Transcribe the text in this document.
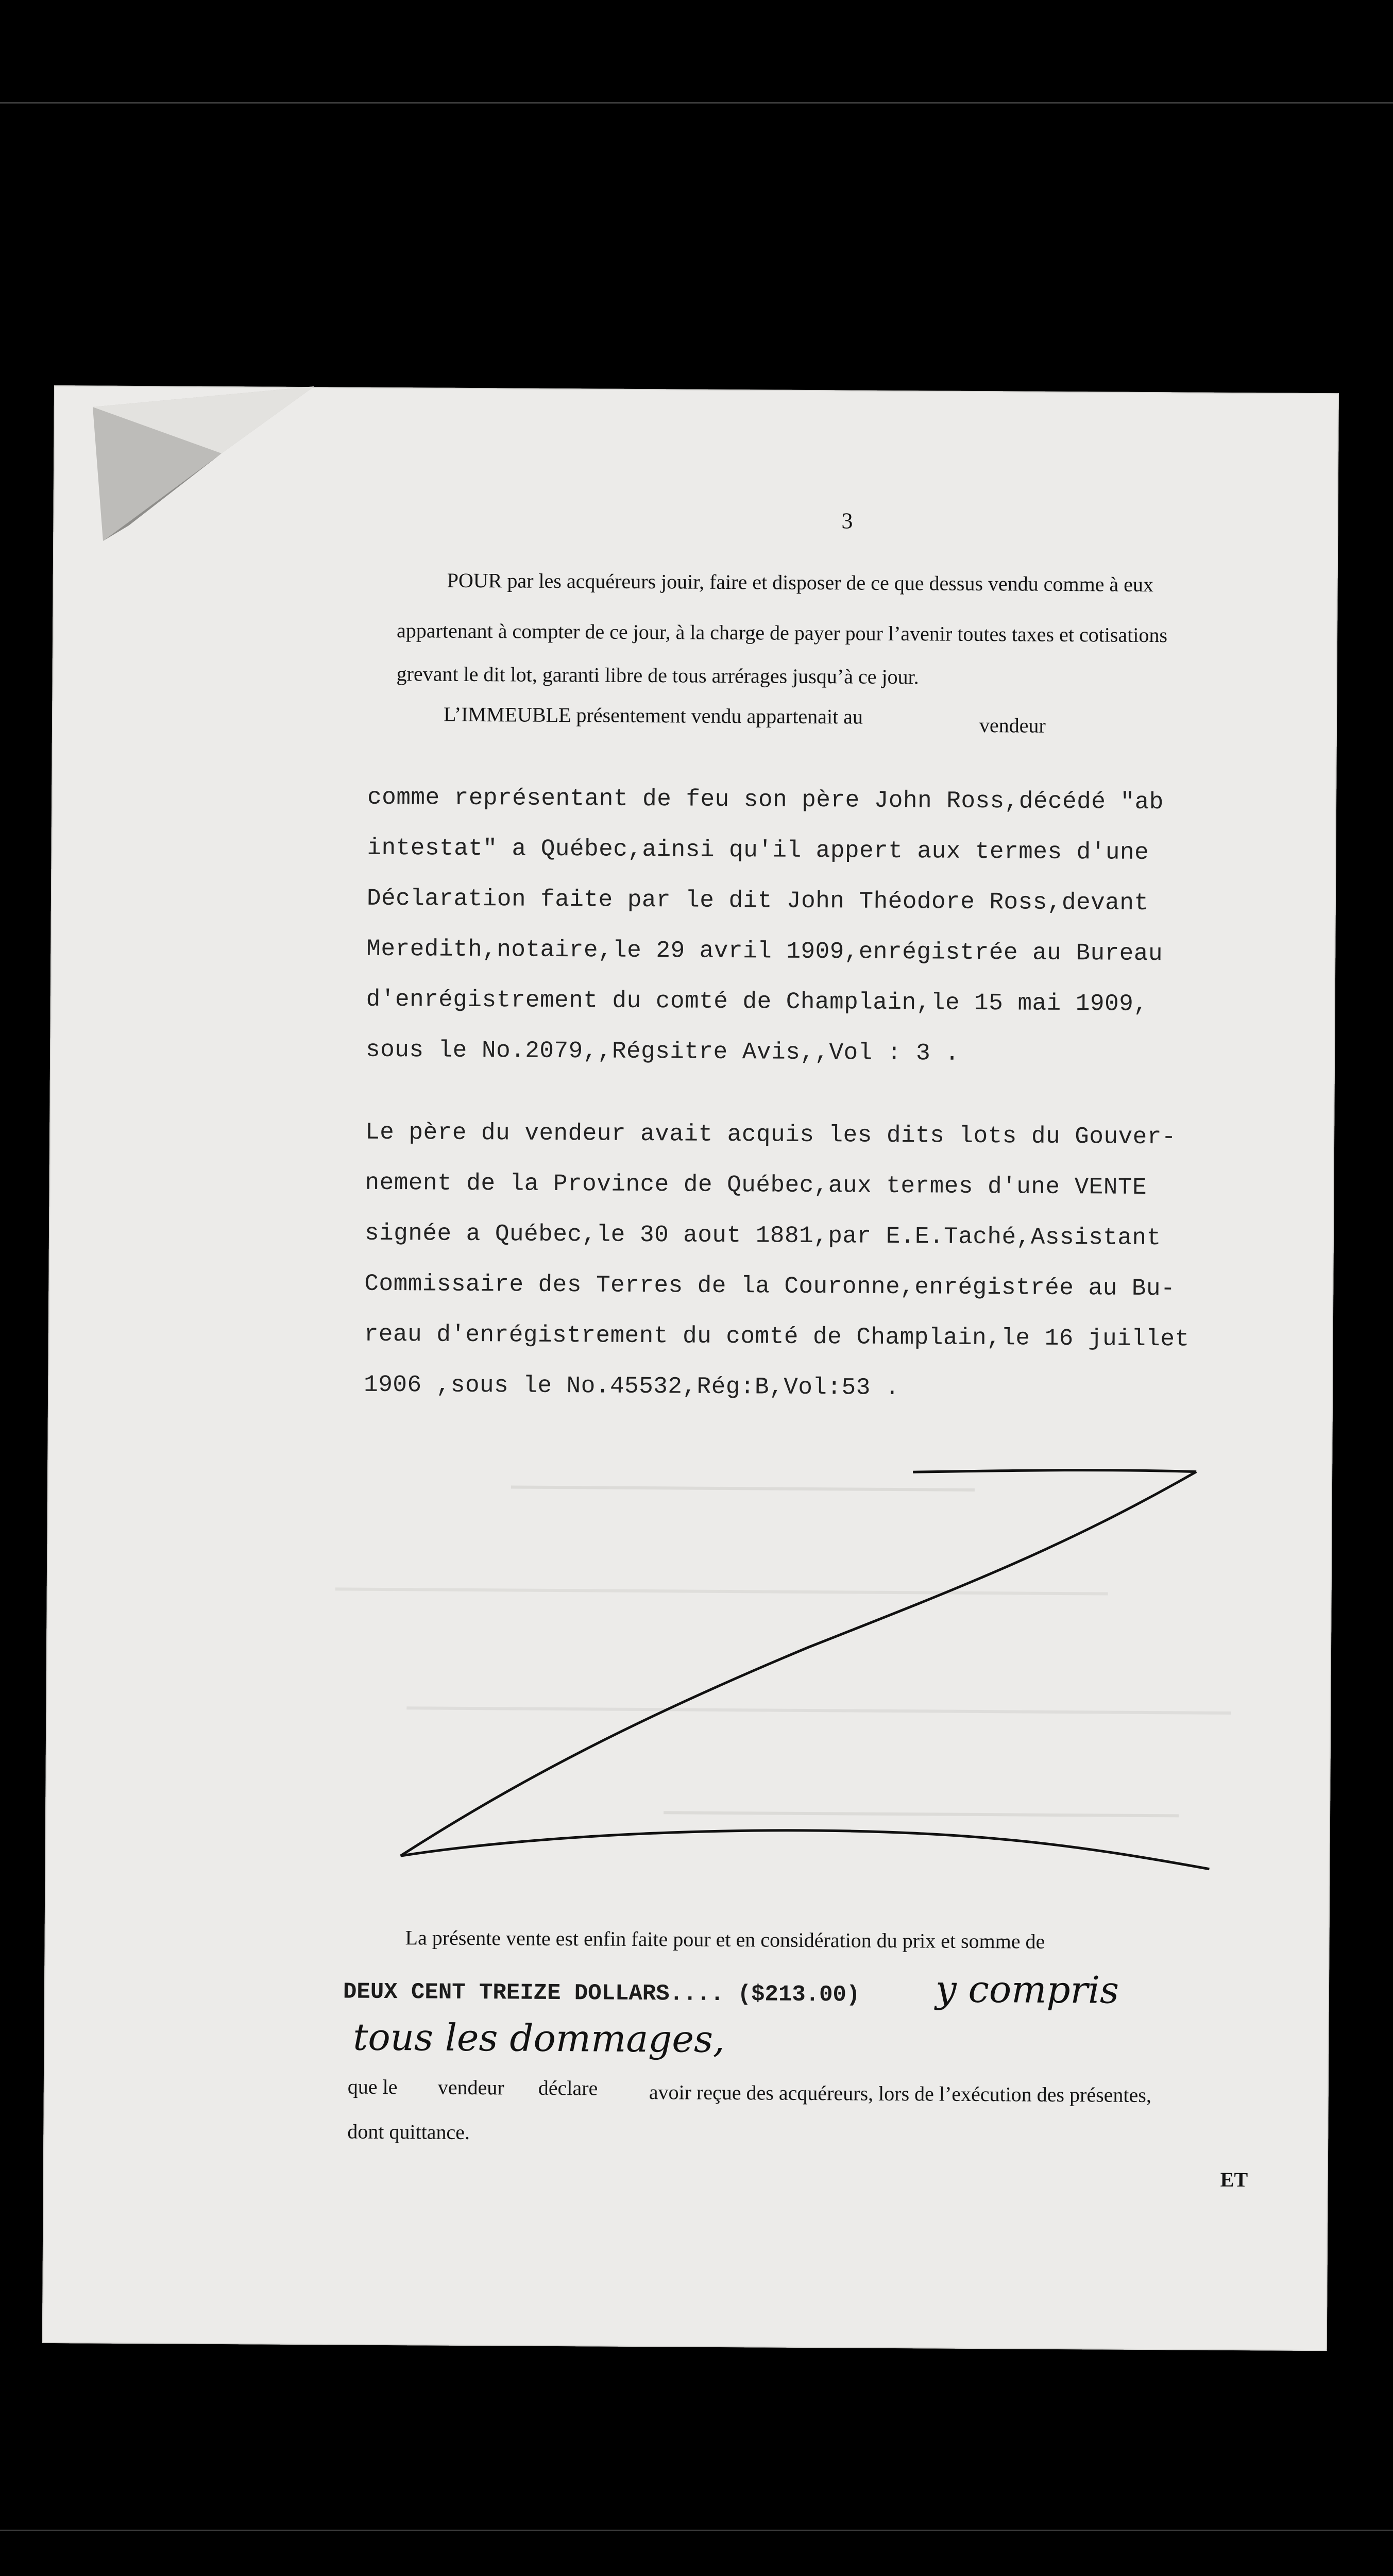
3
POUR par les acquéreurs jouir, faire et disposer de ce que dessus vendu comme à eux
appartenant à compter de ce jour, à la charge de payer pour l’avenir toutes taxes et cotisations
grevant le dit lot, garanti libre de tous arrérages jusqu’à ce jour.
L’IMMEUBLE présentement vendu appartenait au	vendeur
comme représentant de feu son père John Ross,décédé "ab
intestat" a Québec,ainsi qu'il appert aux termes d'une
Déclaration faite par le dit John Théodore Ross,devant
Meredith,notaire,le 29 avril 1909,enrégistrée au Bureau
d'enrégistrement du comté de Champlain,le 15 mai 1909,
sous le No.2079,,Régsitre Avis,,Vol : 3 .
Le père du vendeur avait acquis les dits lots du Gouver-
nement de la Province de Québec,aux termes d'une VENTE
signée a Québec,le 30 aout 1881,par E.E.Taché,Assistant
Commissaire des Terres de la Couronne,enrégistrée au Bu-
reau d'enrégistrement du comté de Champlain,le 16 juillet
1906 ,sous le No.45532,Rég:B,Vol:53 .
La présente vente est enfin faite pour et en considération du prix et somme de
DEUX CENT TREIZE DOLLARS.... ($213.00) y compris
tous les dommages,
que le vendeur déclare avoir reçue des acquéreurs, lors de l’exécution des présentes,
dont quittance.
ET
